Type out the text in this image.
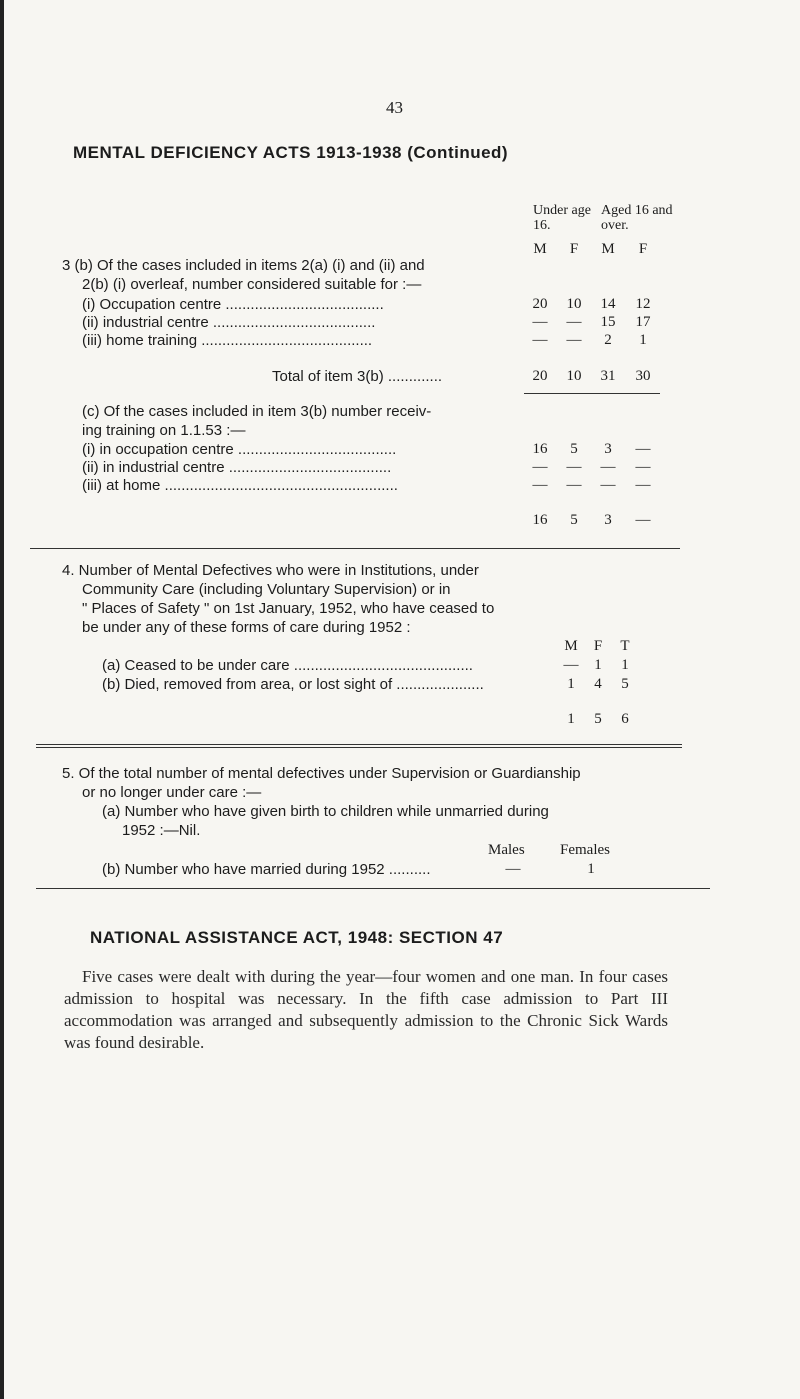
43
MENTAL DEFICIENCY ACTS 1913-1938 (Continued)
Under age 16.
Aged 16 and over.
M	F	M	F
3 (b) Of the cases included in items 2(a) (i) and (ii) and
2(b) (i) overleaf, number considered suitable for :—
(i) Occupation centre ......................................	20	10	14	12
(ii) industrial centre .......................................	—	—	15	17
(iii) home training .........................................	—	—	2	1
Total of item 3(b) .............	20	10	31	30
(c) Of the cases included in item 3(b) number receiv-
ing training on 1.1.53 :—
(i) in occupation centre ......................................	16	5	3	—
(ii) in industrial centre .......................................	—	—	—	—
(iii) at home ........................................................	—	—	—	—
16	5	3	—
4. Number of Mental Defectives who were in Institutions, under
Community Care (including Voluntary Supervision) or in
" Places of Safety " on 1st January, 1952, who have ceased to
be under any of these forms of care during 1952 :
M	F	T
(a) Ceased to be under care ...........................................	—	1	1
(b) Died, removed from area, or lost sight of .....................	1	4	5
1	5	6
5. Of the total number of mental defectives under Supervision or Guardianship
or no longer under care :—
(a) Number who have given birth to children while unmarried during
1952 :—Nil.
Males Females
(b) Number who have married during 1952 ..........	—	1
NATIONAL ASSISTANCE ACT, 1948: SECTION 47
Five cases were dealt with during the year—four women and one man. In four cases admission to hospital was necessary. In the fifth case admission to Part III accommodation was arranged and subsequently admission to the Chronic Sick Wards was found desirable.
